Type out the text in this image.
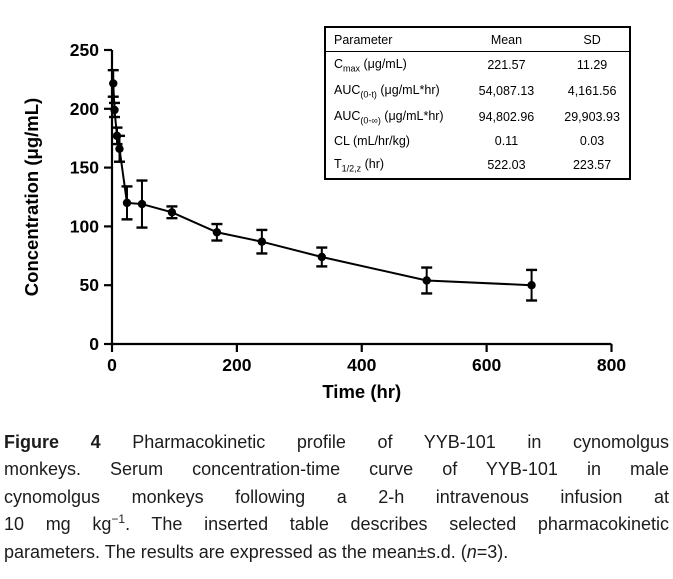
0	200	400	600	800
0
50
100
150
200
250
Time (hr)
Concentration (μg/mL)
Parameter	Mean	SD
$C_{max}$ (μg/mL)	221.57	11.29
$AUC_{(0-t)}$ (μg/mL*hr)	54,087.13	4,161.56
$AUC_{(0-\infty)}$ (μg/mL*hr)	94,802.96	29,903.93
CL (mL/hr/kg)	0.11	0.03
$T_{1/2,z}$ (hr)	522.03	223.57
Figure 4 Pharmacokinetic profile of YYB-101 in cynomolgus
monkeys. Serum concentration-time curve of YYB-101 in male
cynomolgus monkeys following a 2-h intravenous infusion at
10 mg $kg^{-1}$. The inserted table describes selected pharmacokinetic
parameters. The results are expressed as the mean±s.d. (n=3).
